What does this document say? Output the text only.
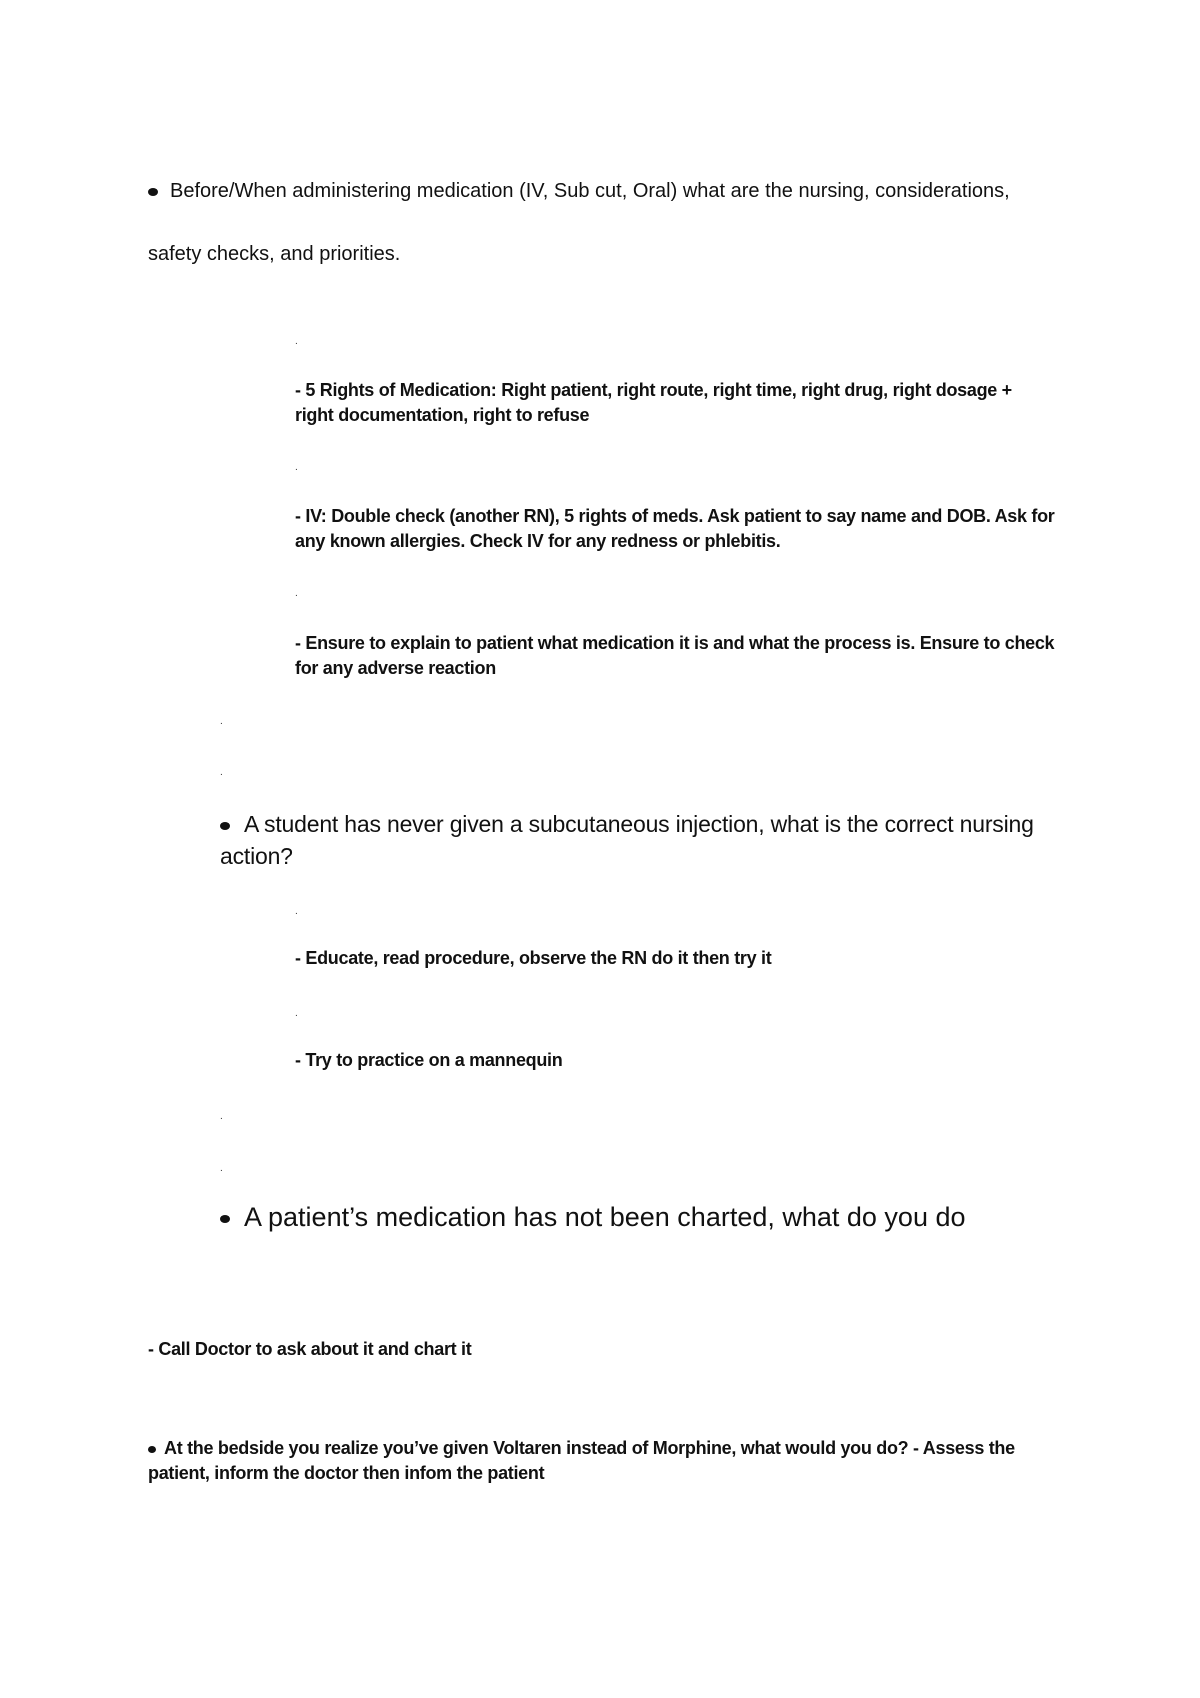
Before/When administering medication (IV, Sub cut, Oral) what are the nursing, considerations,
safety checks, and priorities.
.
- 5 Rights of Medication: Right patient, right route, right time, right drug, right dosage + right documentation, right to refuse
.
- IV: Double check (another RN), 5 rights of meds. Ask patient to say name and DOB. Ask for any known allergies. Check IV for any redness or phlebitis.
.
- Ensure to explain to patient what medication it is and what the process is. Ensure to check for any adverse reaction
.
.
A student has never given a subcutaneous injection, what is the correct nursing action?
.
- Educate, read procedure, observe the RN do it then try it
.
- Try to practice on a mannequin
.
.
A patient’s medication has not been charted, what do you do
- Call Doctor to ask about it and chart it
At the bedside you realize you’ve given Voltaren instead of Morphine, what would you do? - Assess the patient, inform the doctor then infom the patient
